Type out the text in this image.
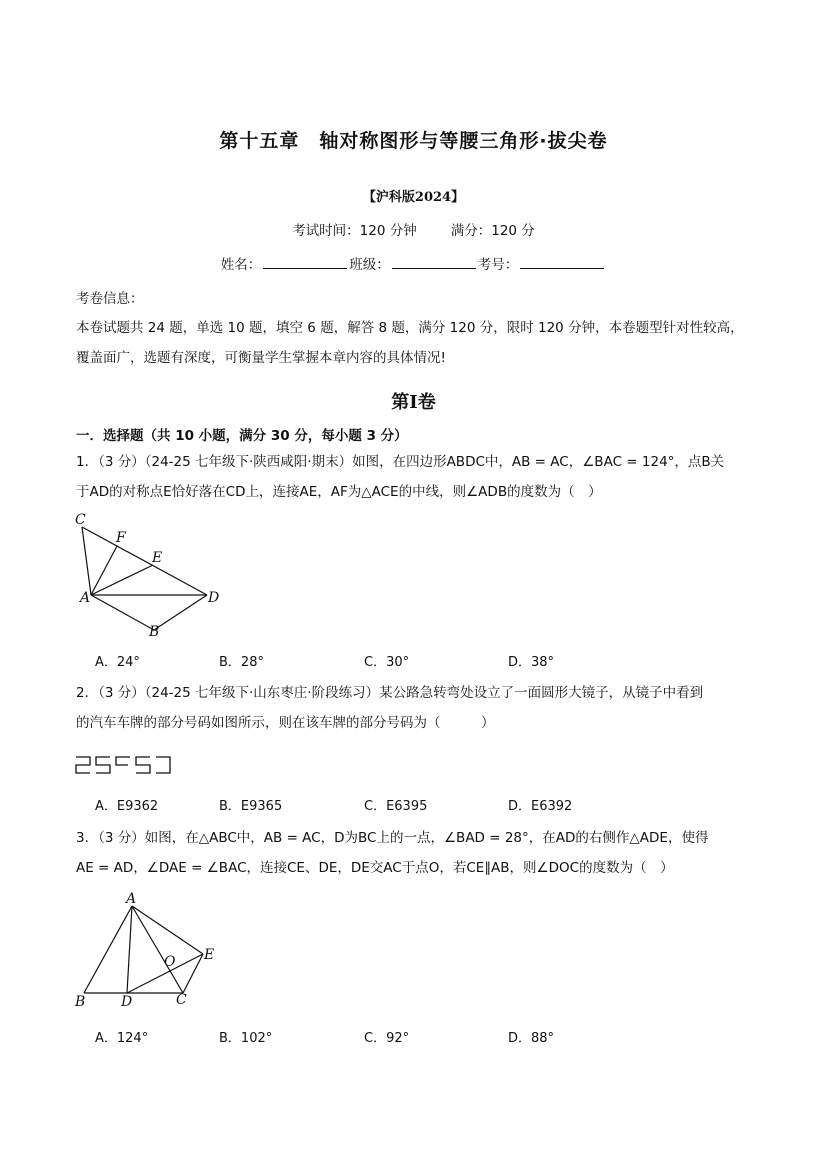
第十五章　轴对称图形与等腰三角形·拔尖卷
【沪科版2024】
考试时间：120 分钟	满分：120 分
姓名：	班级：	考号：
考卷信息：
本卷试题共 24 题，单选 10 题，填空 6 题，解答 8 题，满分 120 分，限时 120 分钟，本卷题型针对性较高，覆盖面广，选题有深度，可衡量学生掌握本章内容的具体情况!
第Ⅰ卷
一．选择题（共 10 小题，满分 30 分，每小题 3 分）
1．（3 分）（24-25 七年级下·陕西咸阳·期末）如图，在四边形ABDC中，AB = AC，∠BAC = 124°，点B关
于AD的对称点E恰好落在CD上，连接AE，AF为△ACE的中线，则∠ADB的度数为（　）
C
F
E
A	D
B
A．24°	B．28°	C．30°	D．38°
2．（3 分）（24-25 七年级下·山东枣庄·阶段练习）某公路急转弯处设立了一面圆形大镜子，从镜子中看到
的汽车车牌的部分号码如图所示，则在该车牌的部分号码为（　　　）
A．E9362	B．E9365	C．E6395	D．E6392
3．（3 分）如图，在△ABC中，AB = AC，D为BC上的一点，∠BAD = 28°，在AD的右侧作△ADE，使得
AE = AD，∠DAE = ∠BAC，连接CE、DE，DE交AC于点O，若CE∥AB，则∠DOC的度数为（　）
A
E
O
B	D	C
A．124°	B．102°	C．92°	D．88°
